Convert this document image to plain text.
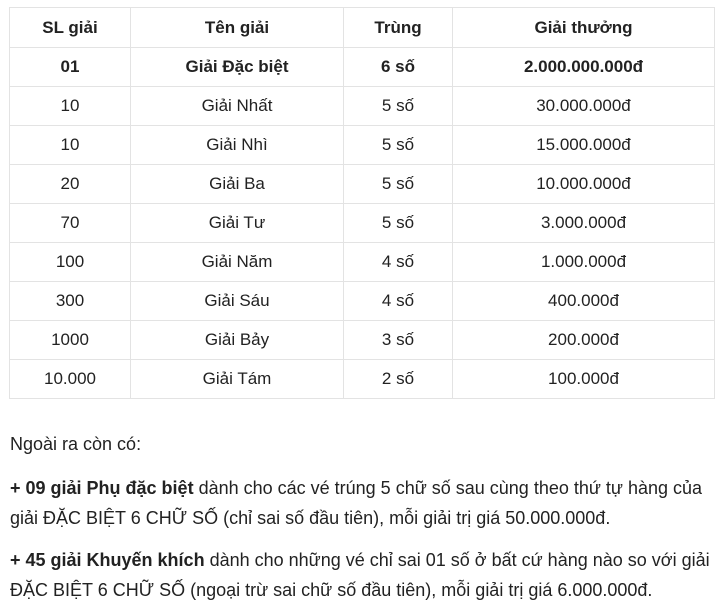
SL giải	Tên giải	Trùng	Giải thưởng
01	Giải Đặc biệt	6 số	2.000.000.000đ
10	Giải Nhất	5 số	30.000.000đ
10	Giải Nhì	5 số	15.000.000đ
20	Giải Ba	5 số	10.000.000đ
70	Giải Tư	5 số	3.000.000đ
100	Giải Năm	4 số	1.000.000đ
300	Giải Sáu	4 số	400.000đ
1000	Giải Bảy	3 số	200.000đ
10.000	Giải Tám	2 số	100.000đ
Ngoài ra còn có:
+ 09 giải Phụ đặc biệt dành cho các vé trúng 5 chữ số sau cùng theo thứ tự hàng của giải ĐẶC BIỆT 6 CHỮ SỐ (chỉ sai số đầu tiên), mỗi giải trị giá 50.000.000đ.
+ 45 giải Khuyến khích dành cho những vé chỉ sai 01 số ở bất cứ hàng nào so với giải ĐẶC BIỆT 6 CHỮ SỐ (ngoại trừ sai chữ số đầu tiên), mỗi giải trị giá 6.000.000đ.
